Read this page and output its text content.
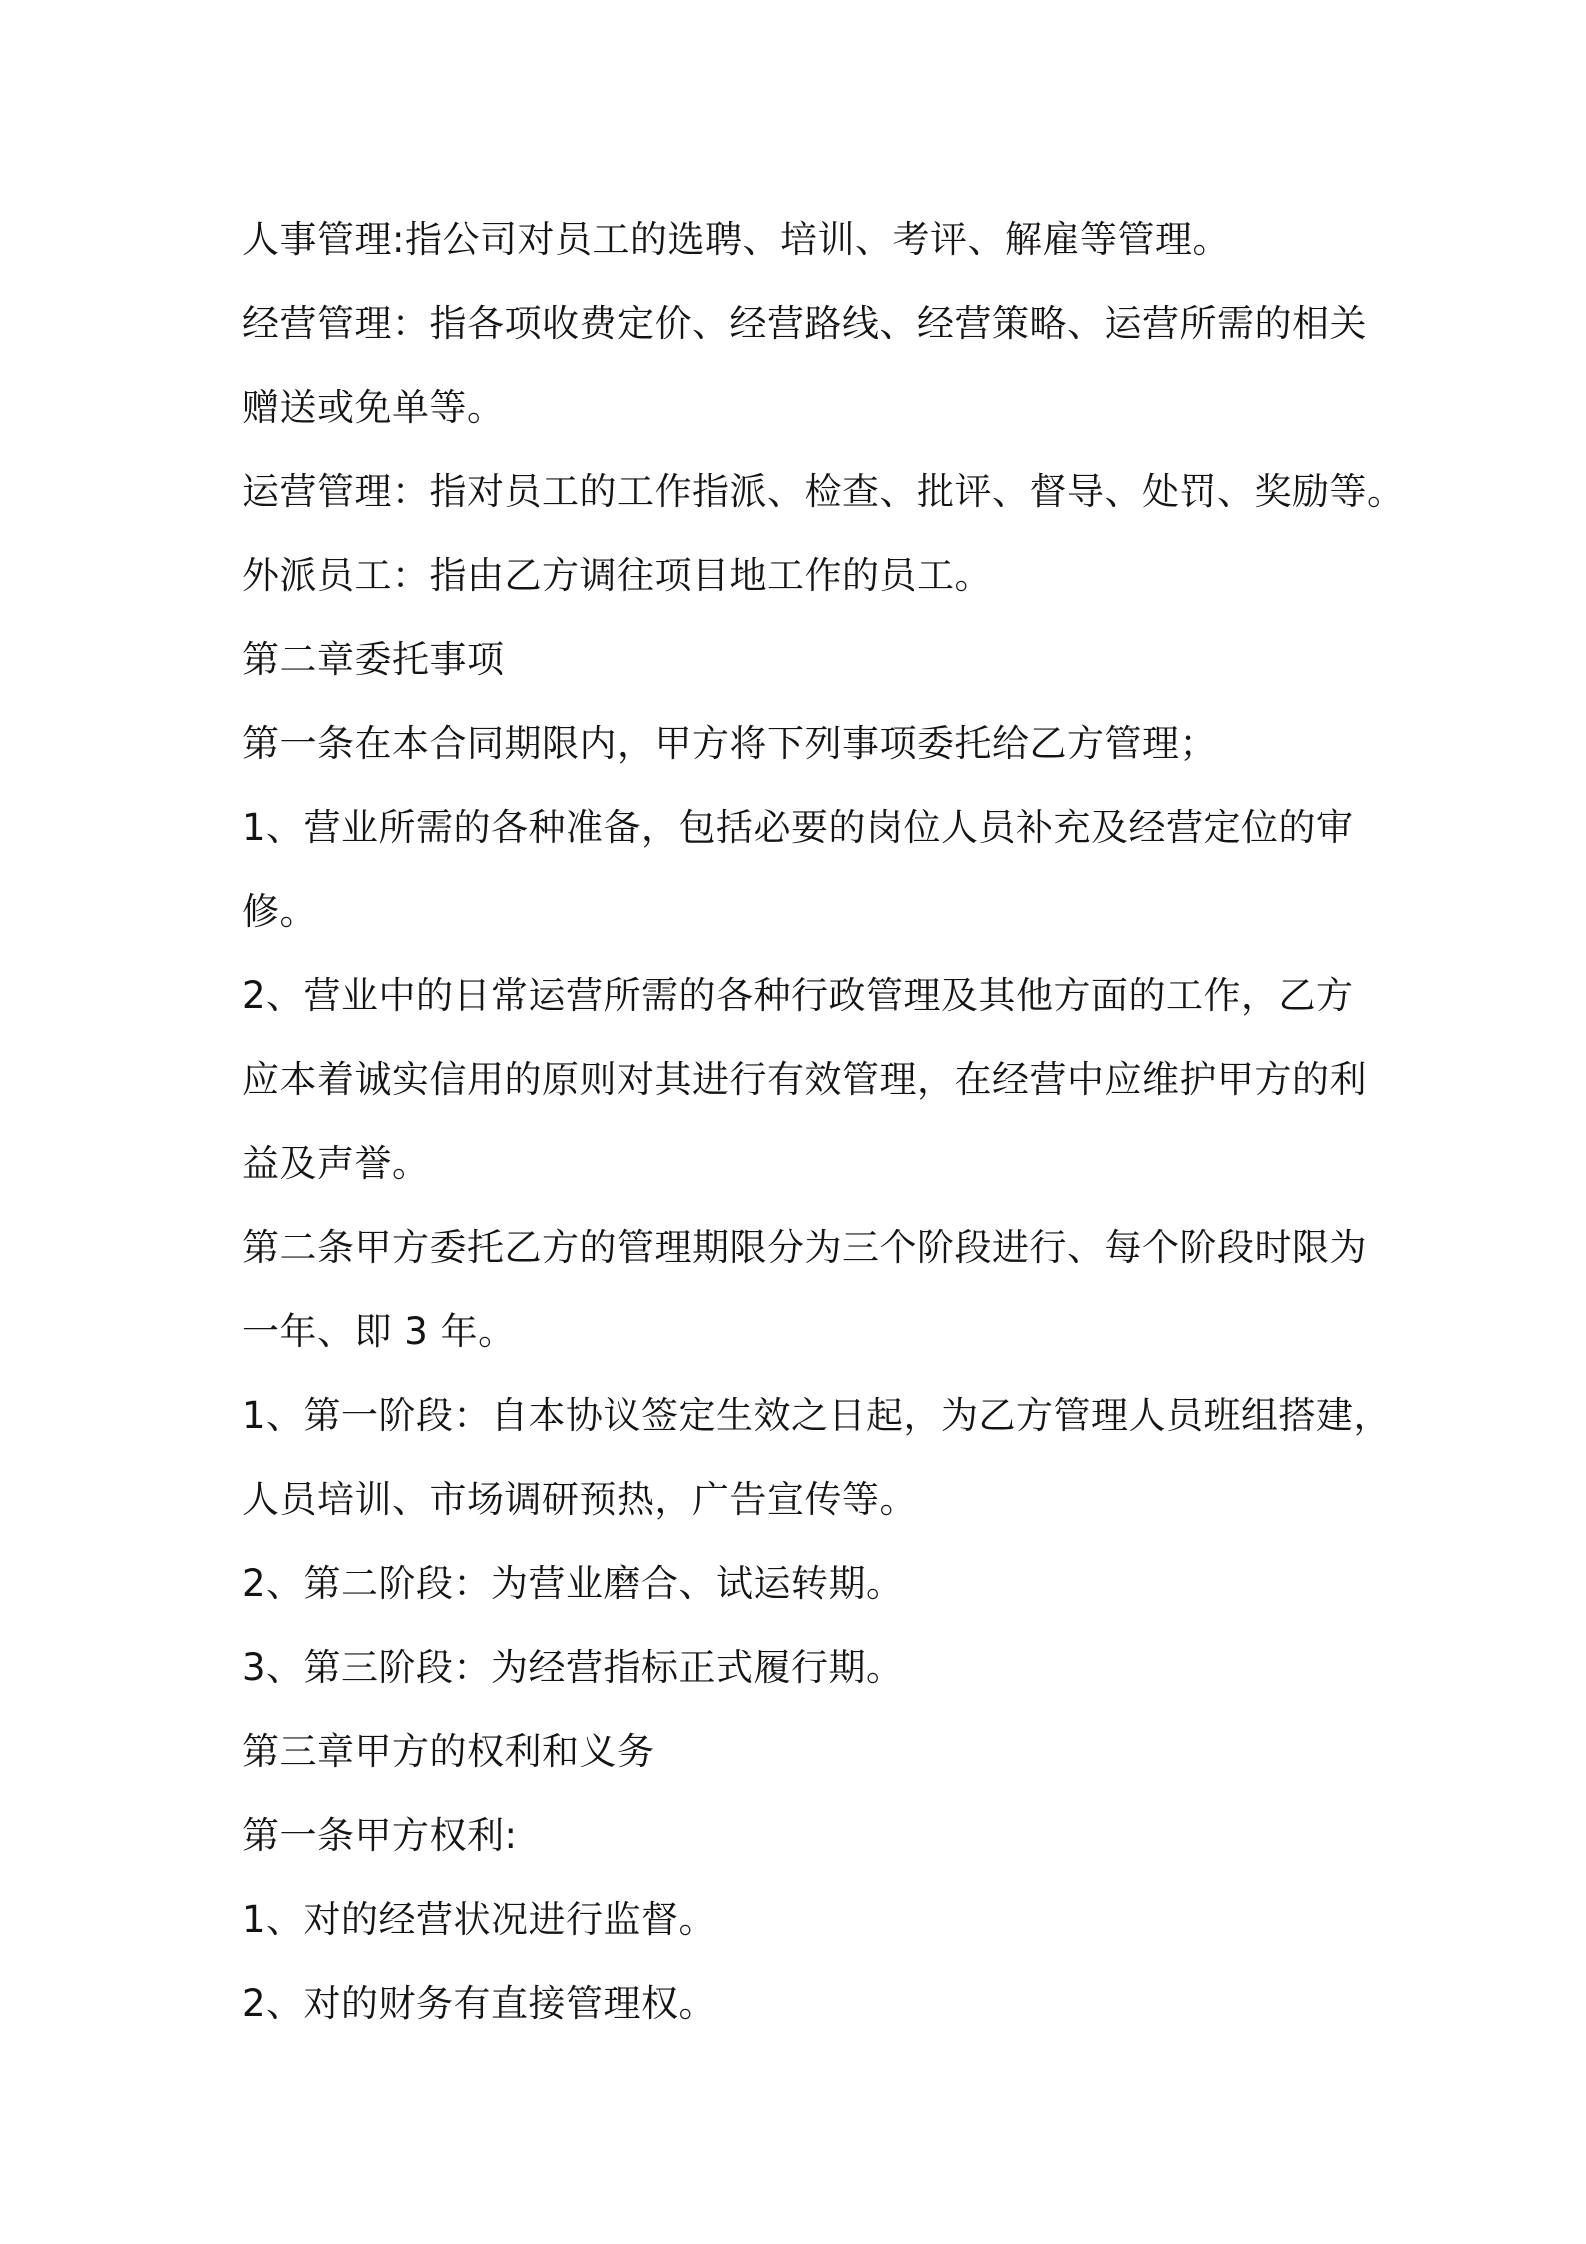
人事管理:指公司对员工的选聘、培训、考评、解雇等管理。
经营管理：指各项收费定价、经营路线、经营策略、运营所需的相关
赠送或免单等。
运营管理：指对员工的工作指派、检查、批评、督导、处罚、奖励等。
外派员工：指由乙方调往项目地工作的员工。
第二章委托事项
第一条在本合同期限内，甲方将下列事项委托给乙方管理；
1、营业所需的各种准备，包括必要的岗位人员补充及经营定位的审
修。
2、营业中的日常运营所需的各种行政管理及其他方面的工作，乙方
应本着诚实信用的原则对其进行有效管理，在经营中应维护甲方的利
益及声誉。
第二条甲方委托乙方的管理期限分为三个阶段进行、每个阶段时限为
一年、即 3 年。
1、第一阶段：自本协议签定生效之日起，为乙方管理人员班组搭建，
人员培训、市场调研预热，广告宣传等。
2、第二阶段：为营业磨合、试运转期。
3、第三阶段：为经营指标正式履行期。
第三章甲方的权利和义务
第一条甲方权利:
1、对的经营状况进行监督。
2、对的财务有直接管理权。
